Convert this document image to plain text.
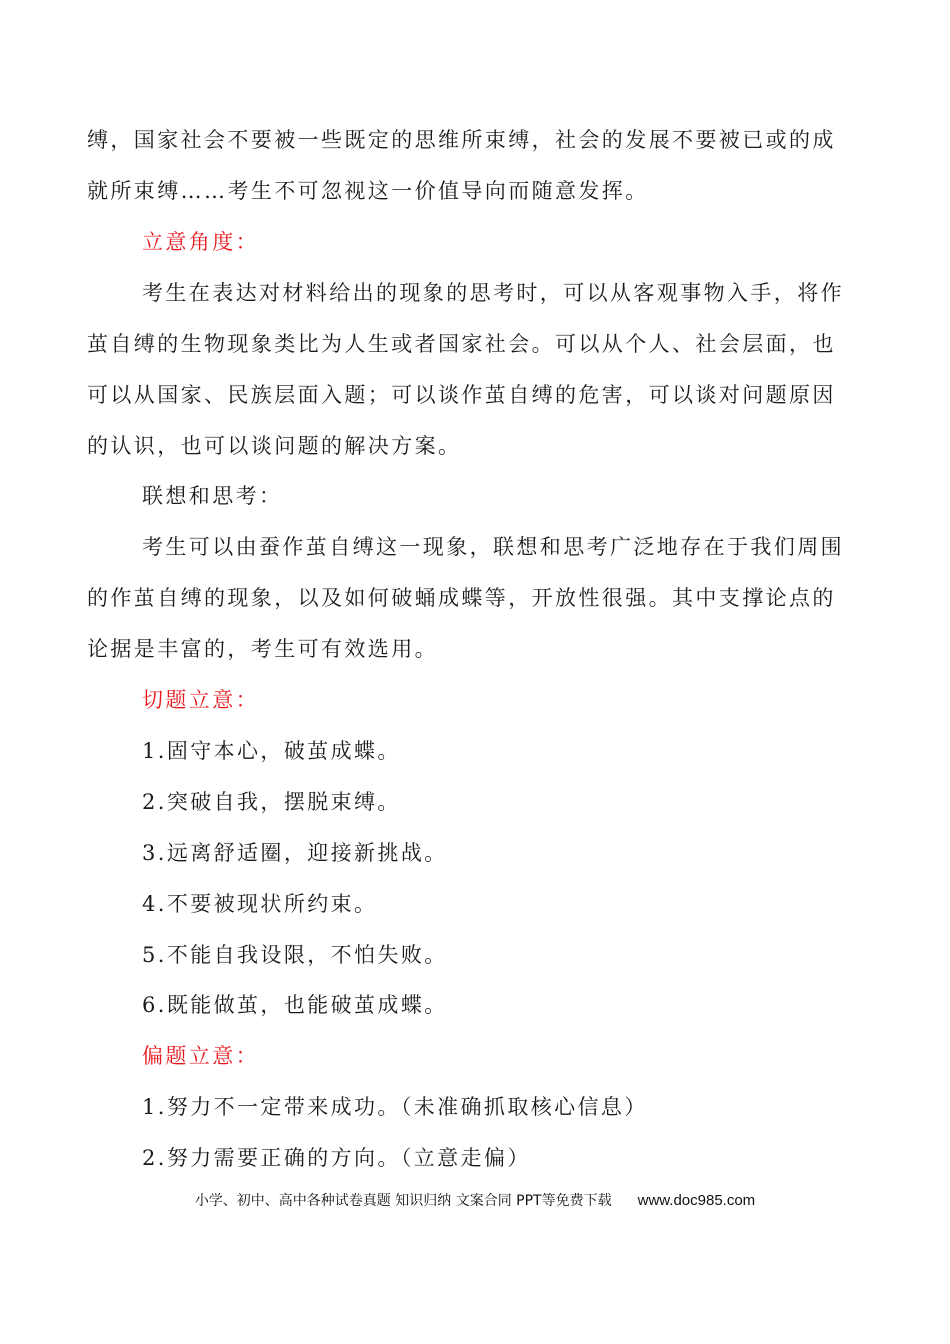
缚，国家社会不要被一些既定的思维所束缚，社会的发展不要被已或的成
就所束缚……考生不可忽视这一价值导向而随意发挥。
立意角度：
考生在表达对材料给出的现象的思考时，可以从客观事物入手，将作
茧自缚的生物现象类比为人生或者国家社会。可以从个人、社会层面，也
可以从国家、民族层面入题；可以谈作茧自缚的危害，可以谈对问题原因
的认识，也可以谈问题的解决方案。
联想和思考：
考生可以由蚕作茧自缚这一现象，联想和思考广泛地存在于我们周围
的作茧自缚的现象，以及如何破蛹成蝶等，开放性很强。其中支撑论点的
论据是丰富的，考生可有效选用。
切题立意：
1.固守本心，破茧成蝶。
2.突破自我，摆脱束缚。
3.远离舒适圈，迎接新挑战。
4.不要被现状所约束。
5.不能自我设限，不怕失败。
6.既能做茧，也能破茧成蝶。
偏题立意：
1.努力不一定带来成功。（未准确抓取核心信息）
2.努力需要正确的方向。（立意走偏）
小学、初中、高中各种试卷真题 知识归纳 文案合同 PPT等免费下载 www.doc985.com
